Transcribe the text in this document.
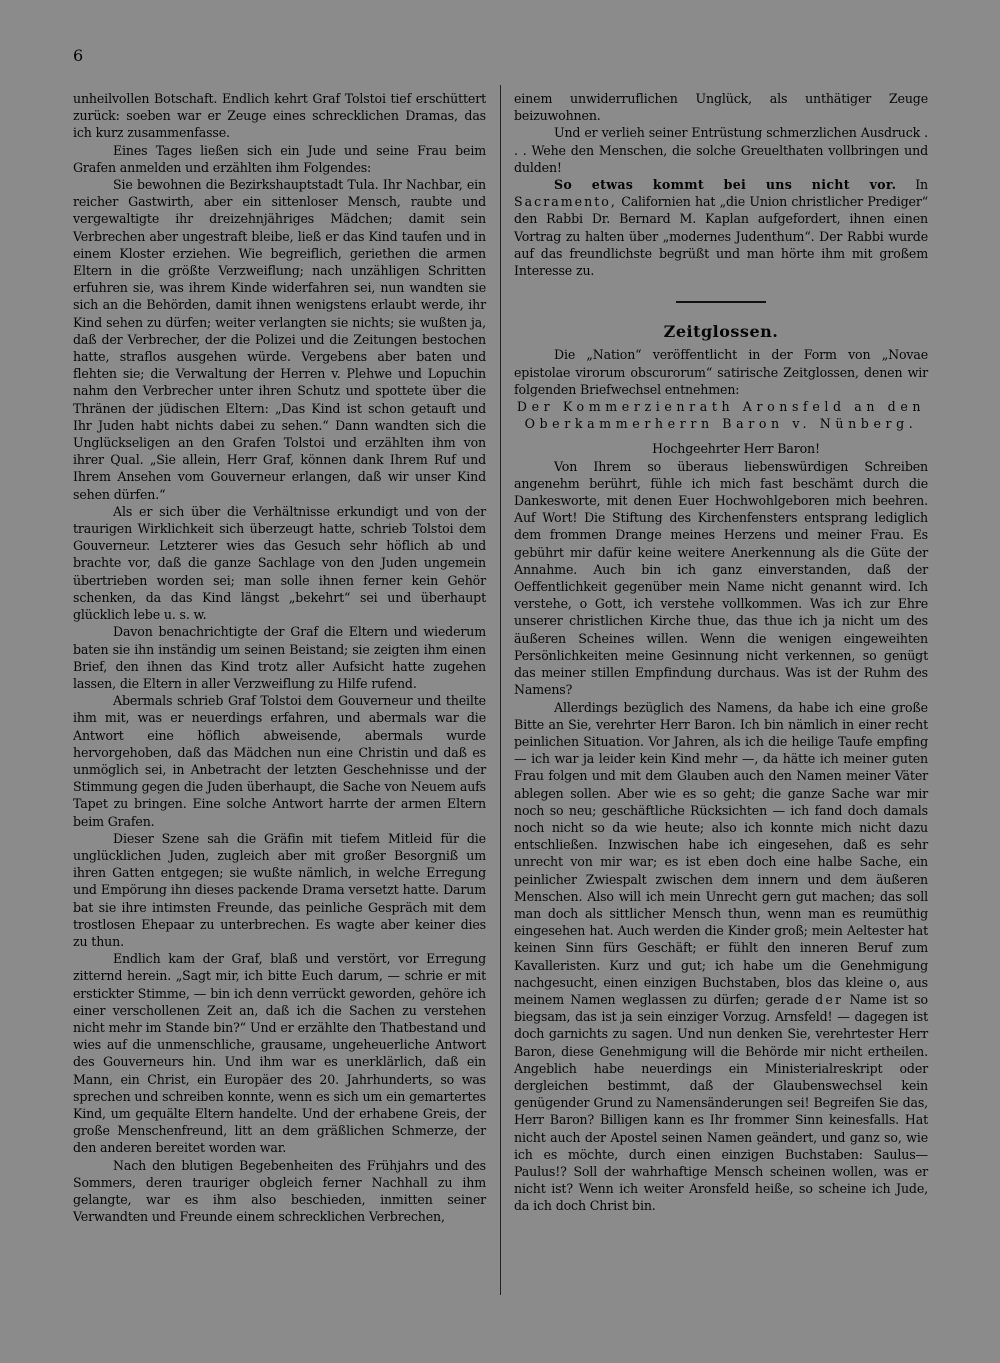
6

unheilvollen Botschaft. Endlich kehrt Graf Tolstoi tief erschüttert zurück: soeben war er Zeuge eines schrecklichen Dramas, das ich kurz zusammenfasse.

Eines Tages ließen sich ein Jude und seine Frau beim Grafen anmelden und erzählten ihm Folgendes:

Sie bewohnen die Bezirkshauptstadt Tula. Ihr Nachbar, ein reicher Gastwirth, aber ein sittenloser Mensch, raubte und vergewaltigte ihr dreizehnjähriges Mädchen; damit sein Verbrechen aber ungestraft bleibe, ließ er das Kind taufen und in einem Kloster erziehen. Wie begreiflich, geriethen die armen Eltern in die größte Verzweiflung; nach unzähligen Schritten erfuhren sie, was ihrem Kinde widerfahren sei, nun wandten sie sich an die Behörden, damit ihnen wenigstens erlaubt werde, ihr Kind sehen zu dürfen; weiter verlangten sie nichts; sie wußten ja, daß der Verbrecher, der die Polizei und die Zeitungen bestochen hatte, straflos ausgehen würde. Vergebens aber baten und flehten sie; die Verwaltung der Herren v. Plehwe und Lopuchin nahm den Verbrecher unter ihren Schutz und spottete über die Thränen der jüdischen Eltern: „Das Kind ist schon getauft und Ihr Juden habt nichts dabei zu sehen.“ Dann wandten sich die Unglückseligen an den Grafen Tolstoi und erzählten ihm von ihrer Qual. „Sie allein, Herr Graf, können dank Ihrem Ruf und Ihrem Ansehen vom Gouverneur erlangen, daß wir unser Kind sehen dürfen.“

Als er sich über die Verhältnisse erkundigt und von der traurigen Wirklichkeit sich überzeugt hatte, schrieb Tolstoi dem Gouverneur. Letzterer wies das Gesuch sehr höflich ab und brachte vor, daß die ganze Sachlage von den Juden ungemein übertrieben worden sei; man solle ihnen ferner kein Gehör schenken, da das Kind längst „bekehrt“ sei und überhaupt glücklich lebe u. s. w.

Davon benachrichtigte der Graf die Eltern und wiederum baten sie ihn inständig um seinen Beistand; sie zeigten ihm einen Brief, den ihnen das Kind trotz aller Aufsicht hatte zugehen lassen, die Eltern in aller Verzweiflung zu Hilfe rufend.

Abermals schrieb Graf Tolstoi dem Gouverneur und theilte ihm mit, was er neuerdings erfahren, und abermals war die Antwort eine höflich abweisende, abermals wurde hervorgehoben, daß das Mädchen nun eine Christin und daß es unmöglich sei, in Anbetracht der letzten Geschehnisse und der Stimmung gegen die Juden überhaupt, die Sache von Neuem aufs Tapet zu bringen. Eine solche Antwort harrte der armen Eltern beim Grafen.

Dieser Szene sah die Gräfin mit tiefem Mitleid für die unglücklichen Juden, zugleich aber mit großer Besorgniß um ihren Gatten entgegen; sie wußte nämlich, in welche Erregung und Empörung ihn dieses packende Drama versetzt hatte. Darum bat sie ihre intimsten Freunde, das peinliche Gespräch mit dem trostlosen Ehepaar zu unterbrechen. Es wagte aber keiner dies zu thun.

Endlich kam der Graf, blaß und verstört, vor Erregung zitternd herein. „Sagt mir, ich bitte Euch darum, — schrie er mit erstickter Stimme, — bin ich denn verrückt geworden, gehöre ich einer verschollenen Zeit an, daß ich die Sachen zu verstehen nicht mehr im Stande bin?“ Und er erzählte den Thatbestand und wies auf die unmenschliche, grausame, ungeheuerliche Antwort des Gouverneurs hin. Und ihm war es unerklärlich, daß ein Mann, ein Christ, ein Europäer des 20. Jahrhunderts, so was sprechen und schreiben konnte, wenn es sich um ein gemartertes Kind, um gequälte Eltern handelte. Und der erhabene Greis, der große Menschenfreund, litt an dem gräßlichen Schmerze, der den anderen bereitet worden war.

Nach den blutigen Begebenheiten des Frühjahrs und des Sommers, deren trauriger obgleich ferner Nachhall zu ihm gelangte, war es ihm also beschieden, inmitten seiner Verwandten und Freunde einem schrecklichen Verbrechen,

einem unwiderruflichen Unglück, als unthätiger Zeuge beizuwohnen.

Und er verlieh seiner Entrüstung schmerzlichen Ausdruck . . . Wehe den Menschen, die solche Greuelthaten vollbringen und dulden!

So etwas kommt bei uns nicht vor. In Sacramento, Californien hat „die Union christlicher Prediger“ den Rabbi Dr. Bernard M. Kaplan aufgefordert, ihnen einen Vortrag zu halten über „modernes Judenthum“. Der Rabbi wurde auf das freundlichste begrüßt und man hörte ihm mit großem Interesse zu.

Zeitglossen.

Die „Nation“ veröffentlicht in der Form von „Novae epistolae virorum obscurorum“ satirische Zeitglossen, denen wir folgenden Briefwechsel entnehmen:

Der Kommerzienrath Aronsfeld an den
Oberkammerherrn Baron v. Nünberg.

Hochgeehrter Herr Baron!

Von Ihrem so überaus liebenswürdigen Schreiben angenehm berührt, fühle ich mich fast beschämt durch die Dankesworte, mit denen Euer Hochwohlgeboren mich beehren. Auf Wort! Die Stiftung des Kirchenfensters entsprang lediglich dem frommen Drange meines Herzens und meiner Frau. Es gebührt mir dafür keine weitere Anerkennung als die Güte der Annahme. Auch bin ich ganz einverstanden, daß der Oeffentlichkeit gegenüber mein Name nicht genannt wird. Ich verstehe, o Gott, ich verstehe vollkommen. Was ich zur Ehre unserer christlichen Kirche thue, das thue ich ja nicht um des äußeren Scheines willen. Wenn die wenigen eingeweihten Persönlichkeiten meine Gesinnung nicht verkennen, so genügt das meiner stillen Empfindung durchaus. Was ist der Ruhm des Namens?

Allerdings bezüglich des Namens, da habe ich eine große Bitte an Sie, verehrter Herr Baron. Ich bin nämlich in einer recht peinlichen Situation. Vor Jahren, als ich die heilige Taufe empfing — ich war ja leider kein Kind mehr —, da hätte ich meiner guten Frau folgen und mit dem Glauben auch den Namen meiner Väter ablegen sollen. Aber wie es so geht; die ganze Sache war mir noch so neu; geschäftliche Rücksichten — ich fand doch damals noch nicht so da wie heute; also ich konnte mich nicht dazu entschließen. Inzwischen habe ich eingesehen, daß es sehr unrecht von mir war; es ist eben doch eine halbe Sache, ein peinlicher Zwiespalt zwischen dem innern und dem äußeren Menschen. Also will ich mein Unrecht gern gut machen; das soll man doch als sittlicher Mensch thun, wenn man es reumüthig eingesehen hat. Auch werden die Kinder groß; mein Aeltester hat keinen Sinn fürs Geschäft; er fühlt den inneren Beruf zum Kavalleristen. Kurz und gut; ich habe um die Genehmigung nachgesucht, einen einzigen Buchstaben, blos das kleine o, aus meinem Namen weglassen zu dürfen; gerade der Name ist so biegsam, das ist ja sein einziger Vorzug. Arnsfeld! — dagegen ist doch garnichts zu sagen. Und nun denken Sie, verehrtester Herr Baron, diese Genehmigung will die Behörde mir nicht ertheilen. Angeblich habe neuerdings ein Ministerialreskript oder dergleichen bestimmt, daß der Glaubenswechsel kein genügender Grund zu Namensänderungen sei! Begreifen Sie das, Herr Baron? Billigen kann es Ihr frommer Sinn keinesfalls. Hat nicht auch der Apostel seinen Namen geändert, und ganz so, wie ich es möchte, durch einen einzigen Buchstaben: Saulus—Paulus!? Soll der wahrhaftige Mensch scheinen wollen, was er nicht ist? Wenn ich weiter Aronsfeld heiße, so scheine ich Jude, da ich doch Christ bin.
